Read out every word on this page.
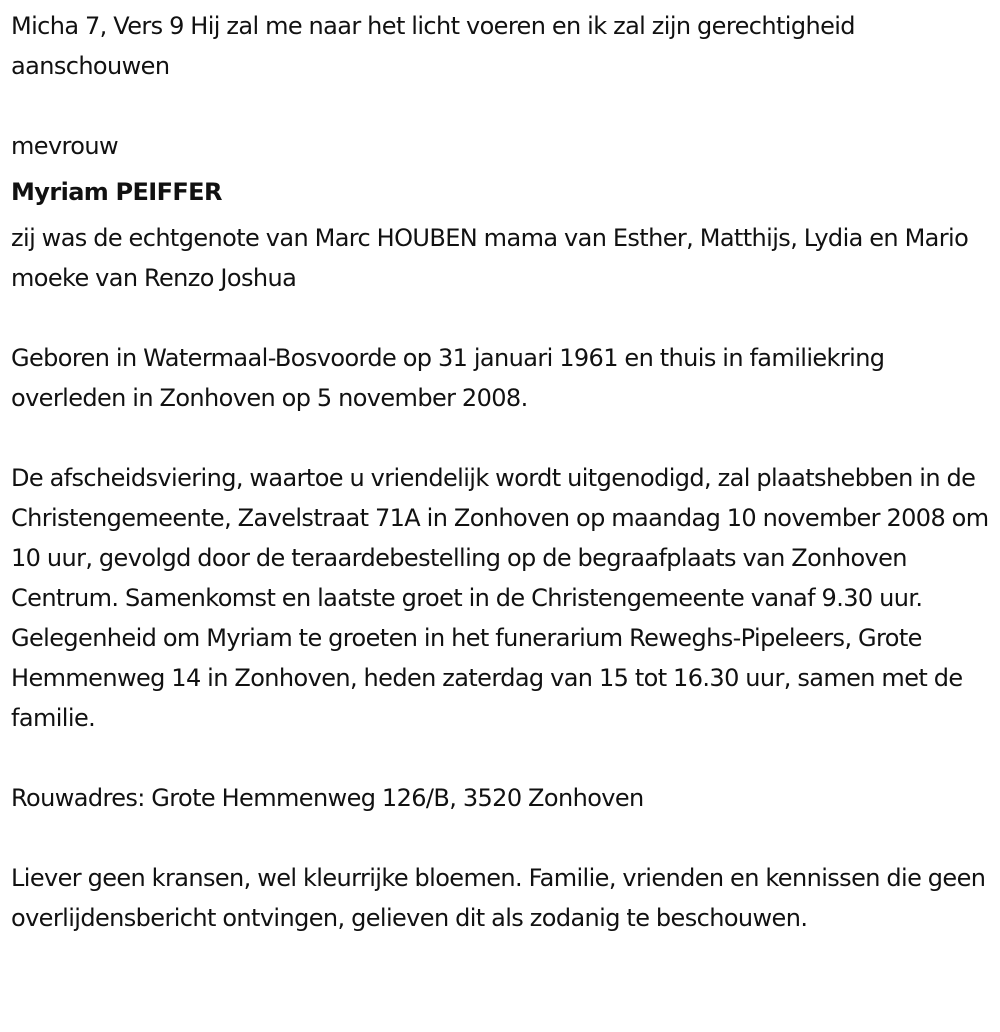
Micha 7, Vers 9 Hij zal me naar het licht voeren en ik zal zijn gerechtigheid aanschouwen

mevrouw

Myriam PEIFFER

zij was de echtgenote van Marc HOUBEN mama van Esther, Matthijs, Lydia en Mario moeke van Renzo Joshua

Geboren in Watermaal-Bosvoorde op 31 januari 1961 en thuis in familiekring overleden in Zonhoven op 5 november 2008.

De afscheidsviering, waartoe u vriendelijk wordt uitgenodigd, zal plaatshebben in de Christengemeente, Zavelstraat 71A in Zonhoven op maandag 10 november 2008 om 10 uur, gevolgd door de teraardebestelling op de begraafplaats van Zonhoven Centrum. Samenkomst en laatste groet in de Christengemeente vanaf 9.30 uur. Gelegenheid om Myriam te groeten in het funerarium Reweghs-Pipeleers, Grote Hemmenweg 14 in Zonhoven, heden zaterdag van 15 tot 16.30 uur, samen met de familie.

Rouwadres: Grote Hemmenweg 126/B, 3520 Zonhoven

Liever geen kransen, wel kleurrijke bloemen. Familie, vrienden en kennissen die geen overlijdensbericht ontvingen, gelieven dit als zodanig te beschouwen.
